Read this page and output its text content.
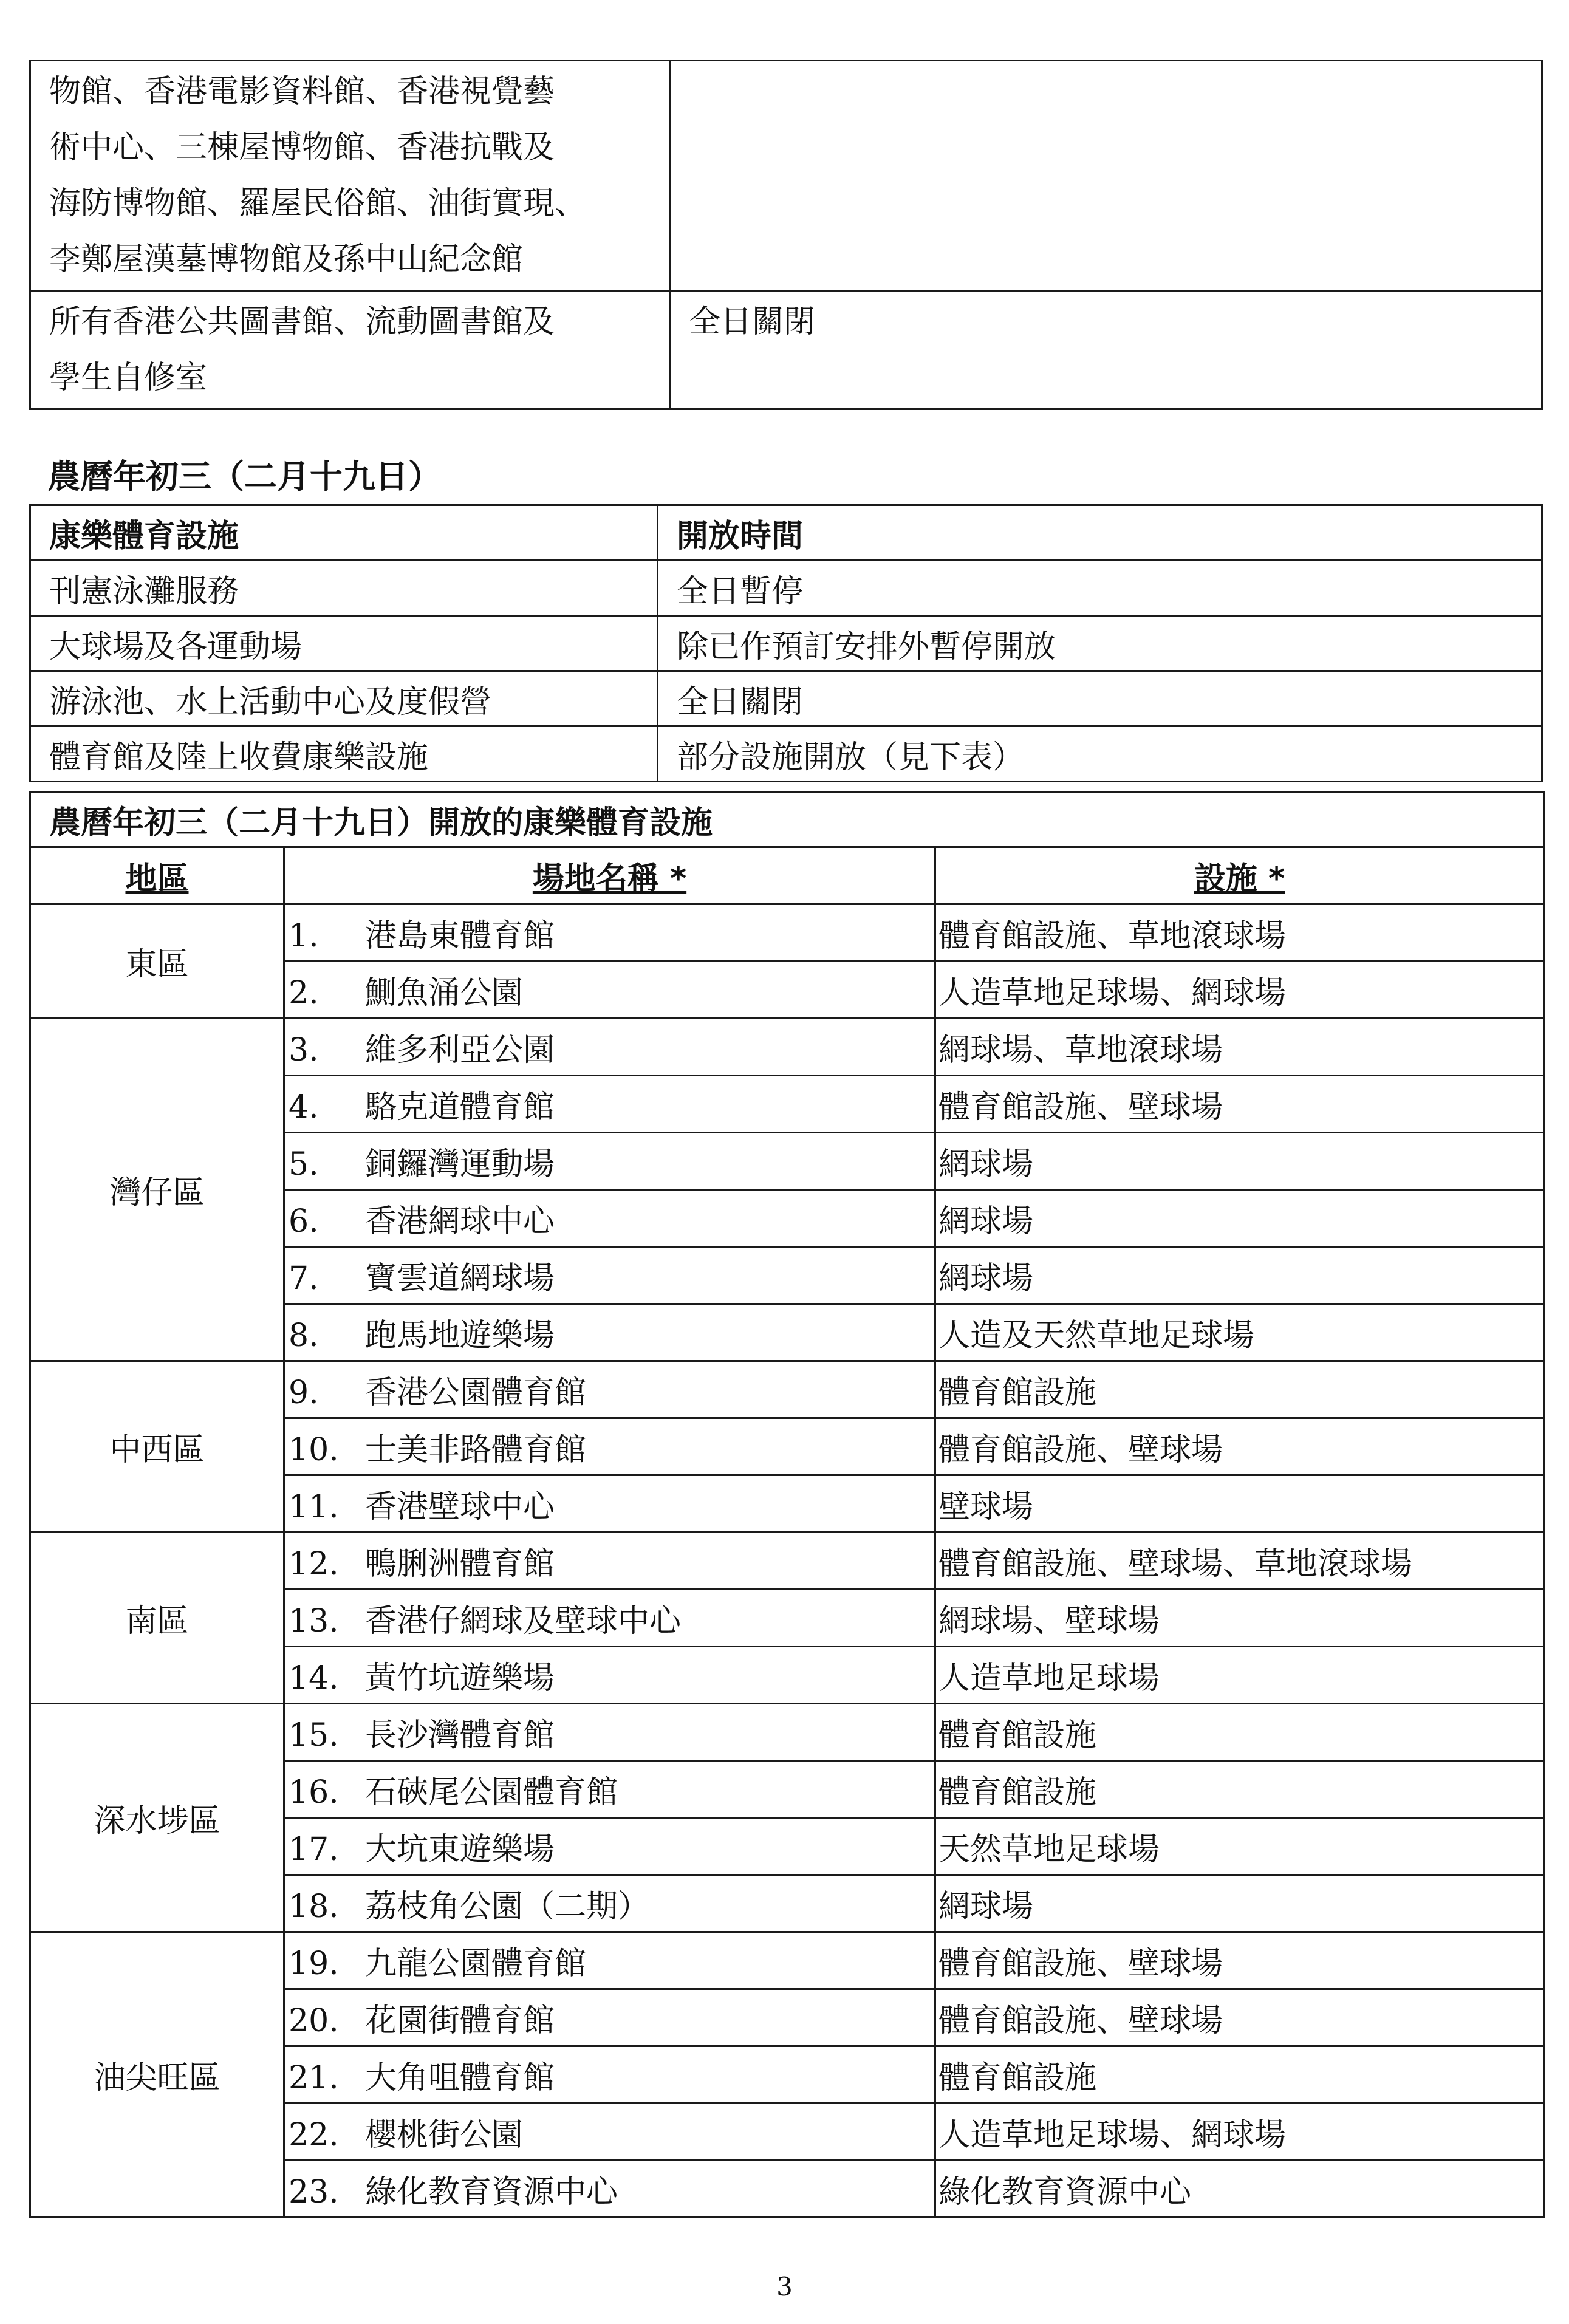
物館、香港電影資料館、香港視覺藝
術中心、三棟屋博物館、香港抗戰及
海防博物館、羅屋民俗館、油街實現、
李鄭屋漢墓博物館及孫中山紀念館	

所有香港公共圖書館、流動圖書館及
學生自修室	全日關閉
農曆年初三（二月十九日）
康樂體育設施	開放時間
刊憲泳灘服務	全日暫停
大球場及各運動場	除已作預訂安排外暫停開放
游泳池、水上活動中心及度假營	全日關閉
體育館及陸上收費康樂設施	部分設施開放（見下表）
農曆年初三（二月十九日）開放的康樂體育設施		
地區	場地名稱 *	設施 *
東區	1. 港島東體育館	體育館設施、草地滾球場
	2. 鰂魚涌公園	人造草地足球場、網球場
灣仔區	3. 維多利亞公園	網球場、草地滾球場
	4. 駱克道體育館	體育館設施、壁球場
	5. 銅鑼灣運動場	網球場
	6. 香港網球中心	網球場
	7. 寶雲道網球場	網球場
	8. 跑馬地遊樂場	人造及天然草地足球場
中西區	9. 香港公園體育館	體育館設施
	10. 士美非路體育館	體育館設施、壁球場
	11. 香港壁球中心	壁球場
南區	12. 鴨脷洲體育館	體育館設施、壁球場、草地滾球場
	13. 香港仔網球及壁球中心	網球場、壁球場
	14. 黃竹坑遊樂場	人造草地足球場
深水埗區	15. 長沙灣體育館	體育館設施
	16. 石硤尾公園體育館	體育館設施
	17. 大坑東遊樂場	天然草地足球場
	18. 荔枝角公園（二期）	網球場
油尖旺區	19. 九龍公園體育館	體育館設施、壁球場
	20. 花園街體育館	體育館設施、壁球場
	21. 大角咀體育館	體育館設施
	22. 櫻桃街公園	人造草地足球場、網球場
	23. 綠化教育資源中心	綠化教育資源中心
3
